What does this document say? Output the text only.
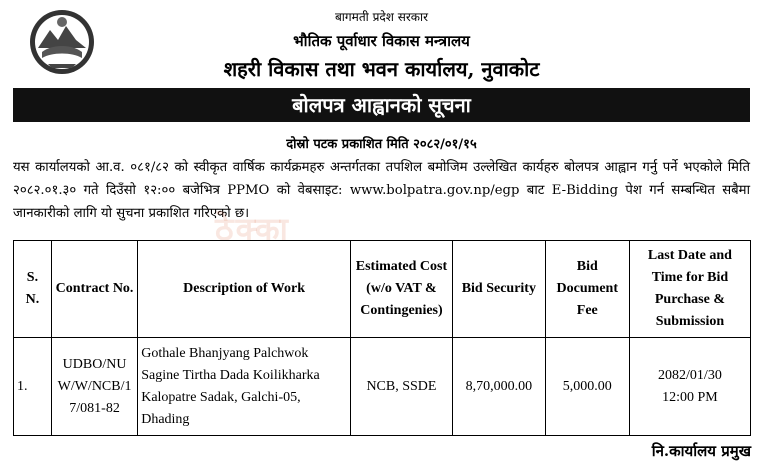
बागमती प्रदेश सरकार
भौतिक पूर्वाधार विकास मन्त्रालय
शहरी विकास तथा भवन कार्यालय, नुवाकोट
बोलपत्र आह्वानको सूचना
दोस्रो पटक प्रकाशित मिति २०८२/०१/१५
यस कार्यालयको आ.व. ०८१/८२ को स्वीकृत वार्षिक कार्यक्रमहरु अन्तर्गतका तपशिल बमोजिम उल्लेखित कार्यहरु बोलपत्र आह्वान गर्नु पर्ने भएकोले मिति २०८२.०१.३० गते दिउँसो १२:०० बजेभित्र PPMO को वेबसाइट: www.bolpatra.gov.np/egp बाट E-Bidding पेश गर्न सम्बन्धित सबैमा जानकारीको लागि यो सुचना प्रकाशित गरिएको छ।
ठेक्का
S.
N.	Contract No.	Description of Work	Estimated Cost (w/o VAT & Contingenies)	Bid Security	Bid Document Fee	Last Date and Time for Bid Purchase & Submission
1.	UDBO/NUW/W/NCB/17/081-82	Gothale Bhanjyang Palchwok Sagine Tirtha Dada Koilikharka Kalopatre Sadak, Galchi-05, Dhading	NCB, SSDE	8,70,000.00	5,000.00	2082/01/30
12:00 PM
नि.कार्यालय प्रमुख
